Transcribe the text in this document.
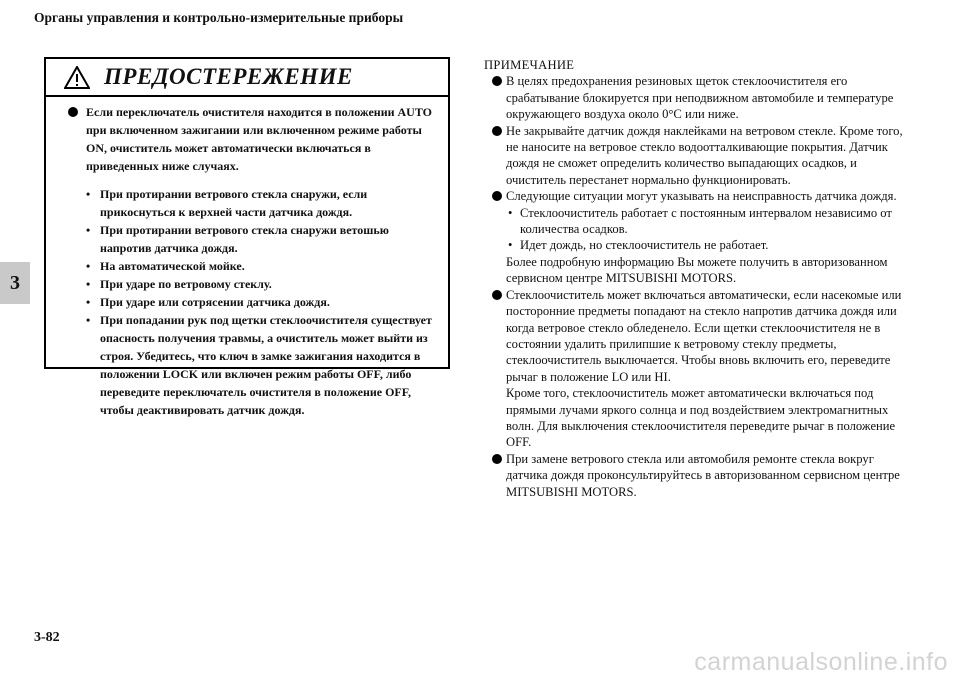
Органы управления и контрольно-измерительные приборы
3
ПРЕДОСТЕРЕЖЕНИЕ
Если переключатель очистителя находится в положении AUTO при включенном зажигании или включенном режиме работы ON, очиститель может автоматически включаться в приведенных ниже случаях.
• При протирании ветрового стекла снаружи, если прикоснуться к верхней части датчика дождя.
• При протирании ветрового стекла снаружи ветошью напротив датчика дождя.
• На автоматической мойке.
• При ударе по ветровому стеклу.
• При ударе или сотрясении датчика дождя.
• При попадании рук под щетки стеклоочистителя существует опасность получения травмы, а очиститель может выйти из строя. Убедитесь, что ключ в замке зажигания находится в положении LOCK или включен режим работы OFF, либо переведите переключатель очистителя в положение OFF, чтобы деактивировать датчик дождя.
ПРИМЕЧАНИЕ

В целях предохранения резиновых щеток стеклоочистителя его срабатывание блокируется при неподвижном автомобиле и температуре окружающего воздуха около 0°C или ниже.

Не закрывайте датчик дождя наклейками на ветровом стекле. Кроме того, не наносите на ветровое стекло водоотталкивающие покрытия. Датчик дождя не сможет определить количество выпадающих осадков, и очиститель перестанет нормально функционировать.

Следующие ситуации могут указывать на неисправность датчика дождя.

• Стеклоочиститель работает с постоянным интервалом независимо от количества осадков.
• Идет дождь, но стеклоочиститель не работает.

Более подробную информацию Вы можете получить в авторизованном сервисном центре MITSUBISHI MOTORS.

Стеклоочиститель может включаться автоматически, если насекомые или посторонние предметы попадают на стекло напротив датчика дождя или когда ветровое стекло обледенело. Если щетки стеклоочистителя не в состоянии удалить прилипшие к ветровому стеклу предметы, стеклоочиститель выключается. Чтобы вновь включить его, переведите рычаг в положение LO или HI.

Кроме того, стеклоочиститель может автоматически включаться под прямыми лучами яркого солнца и под воздействием электромагнитных волн. Для выключения стеклоочистителя переведите рычаг в положение OFF.

При замене ветрового стекла или автомобиля ремонте стекла вокруг датчика дождя проконсультируйтесь в авторизованном сервисном центре MITSUBISHI MOTORS.

3-82
carmanualsonline.info
